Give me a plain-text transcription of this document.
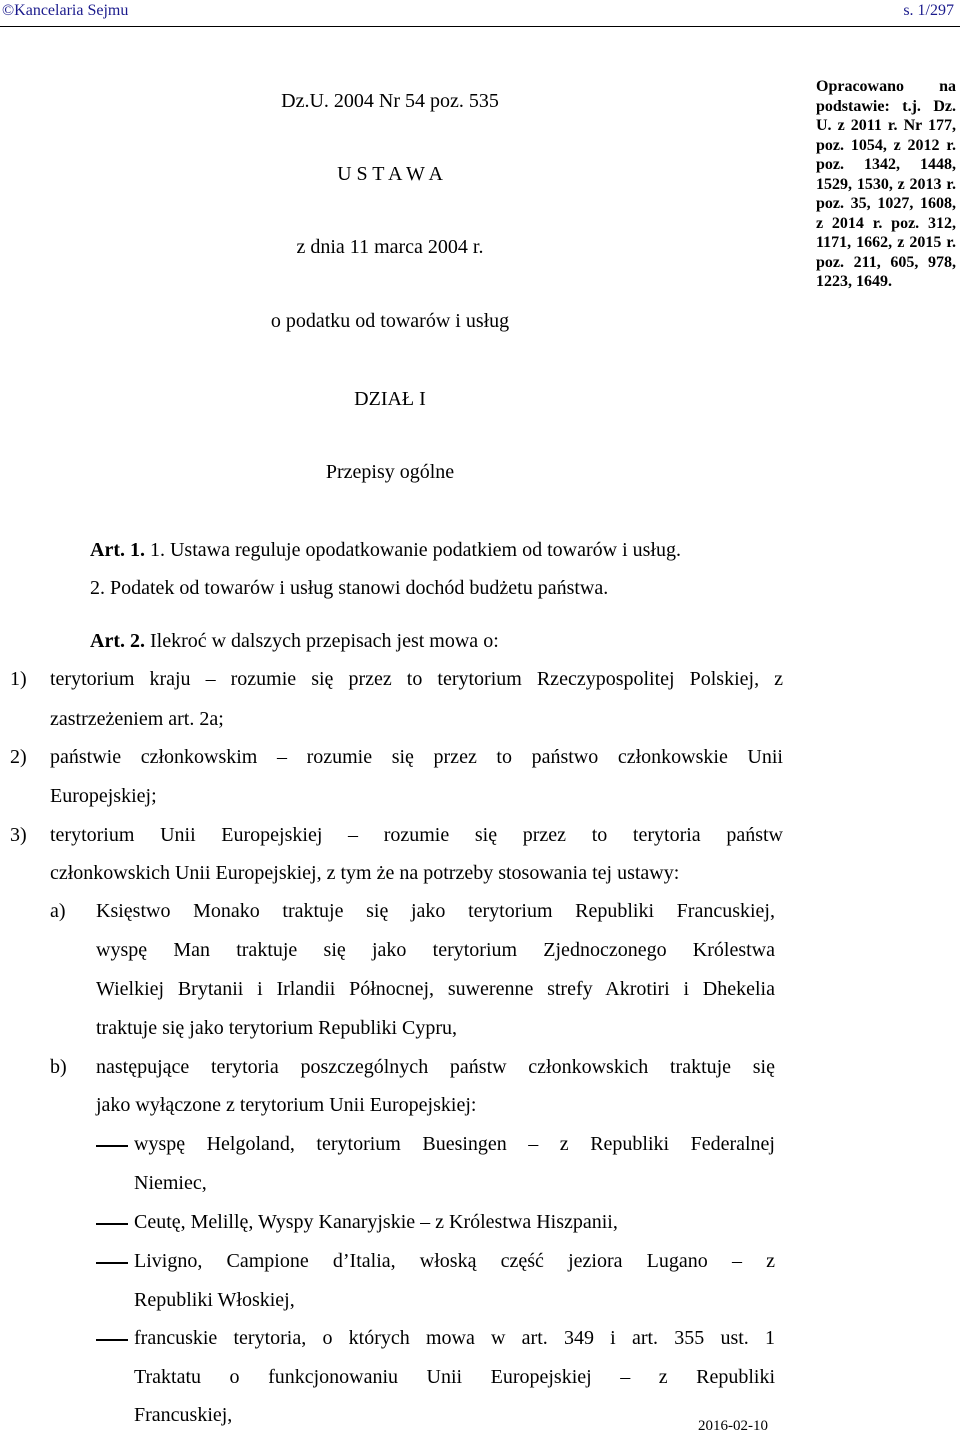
©Kancelaria Sejmu	s. 1/297
Dz.U. 2004 Nr 54 poz. 535
U S T A W A
z dnia 11 marca 2004 r.
o podatku od towarów i usług
DZIAŁ I
Przepisy ogólne
Opracowano na podstawie: t.j. Dz. U. z 2011 r. Nr 177, poz. 1054, z 2012 r. poz. 1342, 1448, 1529, 1530, z 2013 r. poz. 35, 1027, 1608, z 2014 r. poz. 312, 1171, 1662, z 2015 r. poz. 211, 605, 978, 1223, 1649.
Art. 1. 1. Ustawa reguluje opodatkowanie podatkiem od towarów i usług.
2. Podatek od towarów i usług stanowi dochód budżetu państwa.
Art. 2. Ilekroć w dalszych przepisach jest mowa o:
1) terytorium kraju – rozumie się przez to terytorium Rzeczypospolitej Polskiej, z
zastrzeżeniem art. 2a;
2) państwie członkowskim – rozumie się przez to państwo członkowskie Unii
Europejskiej;
3) terytorium Unii Europejskiej – rozumie się przez to terytoria państw
członkowskich Unii Europejskiej, z tym że na potrzeby stosowania tej ustawy:
a) Księstwo Monako traktuje się jako terytorium Republiki Francuskiej,
wyspę Man traktuje się jako terytorium Zjednoczonego Królestwa
Wielkiej Brytanii i Irlandii Północnej, suwerenne strefy Akrotiri i Dhekelia
traktuje się jako terytorium Republiki Cypru,
b) następujące terytoria poszczególnych państw członkowskich traktuje się
jako wyłączone z terytorium Unii Europejskiej:
wyspę Helgoland, terytorium Buesingen – z Republiki Federalnej
Niemiec,
Ceutę, Melillę, Wyspy Kanaryjskie – z Królestwa Hiszpanii,
Livigno, Campione d’Italia, włoską część jeziora Lugano – z
Republiki Włoskiej,
francuskie terytoria, o których mowa w art. 349 i art. 355 ust. 1
Traktatu o funkcjonowaniu Unii Europejskiej – z Republiki
Francuskiej,	2016-02-10
